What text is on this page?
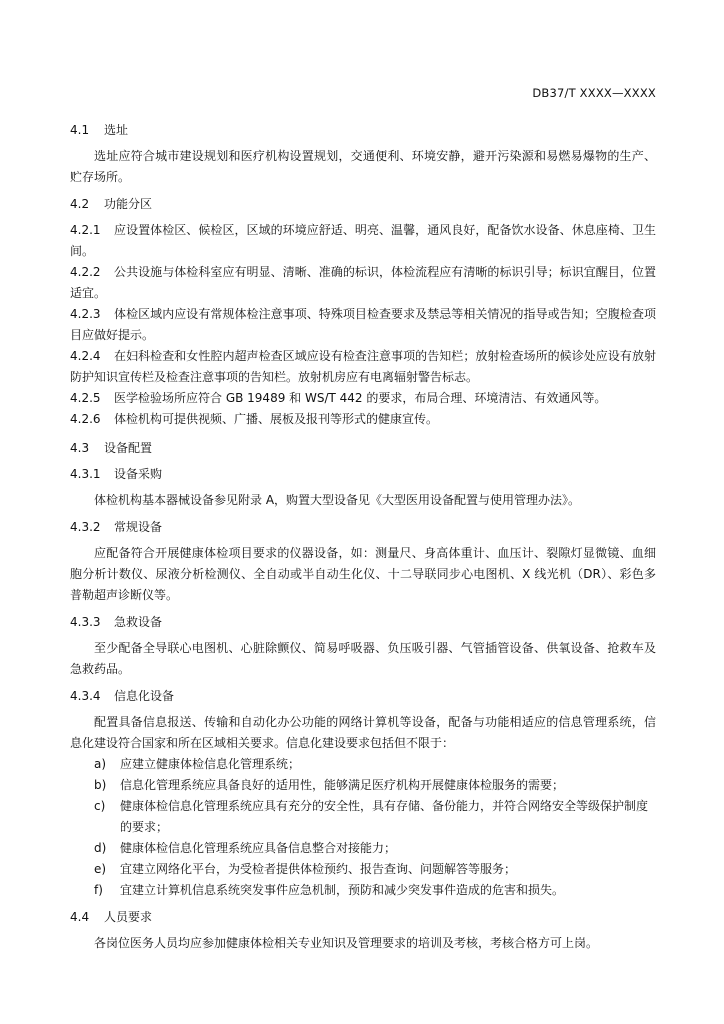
DB37/T XXXX—XXXX
4.1 选址

选址应符合城市建设规划和医疗机构设置规划，交通便利、环境安静，避开污染源和易燃易爆物的生产、贮存场所。

4.2 功能分区

4.2.1 应设置体检区、候检区，区域的环境应舒适、明亮、温馨，通风良好，配备饮水设备、休息座椅、卫生间。

4.2.2 公共设施与体检科室应有明显、清晰、准确的标识，体检流程应有清晰的标识引导；标识宜醒目，位置适宜。

4.2.3 体检区域内应设有常规体检注意事项、特殊项目检查要求及禁忌等相关情况的指导或告知；空腹检查项目应做好提示。

4.2.4 在妇科检查和女性腔内超声检查区域应设有检查注意事项的告知栏；放射检查场所的候诊处应设有放射防护知识宣传栏及检查注意事项的告知栏。放射机房应有电离辐射警告标志。

4.2.5 医学检验场所应符合 GB 19489 和 WS/T 442 的要求，布局合理、环境清洁、有效通风等。

4.2.6 体检机构可提供视频、广播、展板及报刊等形式的健康宣传。

4.3 设备配置
4.3.1 设备采购

体检机构基本器械设备参见附录 A，购置大型设备见《大型医用设备配置与使用管理办法》。

4.3.2 常规设备

应配备符合开展健康体检项目要求的仪器设备，如：测量尺、身高体重计、血压计、裂隙灯显微镜、血细胞分析计数仪、尿液分析检测仪、全自动或半自动生化仪、十二导联同步心电图机、X 线光机（DR）、彩色多普勒超声诊断仪等。

4.3.3 急救设备

至少配备全导联心电图机、心脏除颤仪、简易呼吸器、负压吸引器、气管插管设备、供氧设备、抢救车及急救药品。

4.3.4 信息化设备

配置具备信息报送、传输和自动化办公功能的网络计算机等设备，配备与功能相适应的信息管理系统，信息化建设符合国家和所在区域相关要求。信息化建设要求包括但不限于：

a) 应建立健康体检信息化管理系统；
b) 信息化管理系统应具备良好的适用性，能够满足医疗机构开展健康体检服务的需要；
c) 健康体检信息化管理系统应具有充分的安全性，具有存储、备份能力，并符合网络安全等级保护制度的要求；
d) 健康体检信息化管理系统应具备信息整合对接能力；
e) 宜建立网络化平台，为受检者提供体检预约、报告查询、问题解答等服务；
f) 宜建立计算机信息系统突发事件应急机制，预防和减少突发事件造成的危害和损失。
4.4 人员要求

各岗位医务人员均应参加健康体检相关专业知识及管理要求的培训及考核，考核合格方可上岗。
